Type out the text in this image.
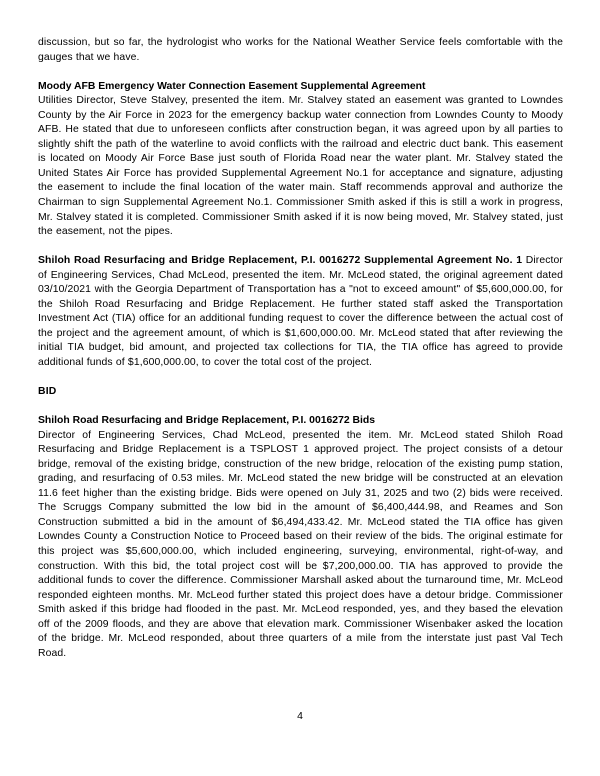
discussion, but so far, the hydrologist who works for the National Weather Service feels comfortable with the gauges that we have.

Moody AFB Emergency Water Connection Easement Supplemental Agreement

Utilities Director, Steve Stalvey, presented the item. Mr. Stalvey stated an easement was granted to Lowndes County by the Air Force in 2023 for the emergency backup water connection from Lowndes County to Moody AFB. He stated that due to unforeseen conflicts after construction began, it was agreed upon by all parties to slightly shift the path of the waterline to avoid conflicts with the railroad and electric duct bank. This easement is located on Moody Air Force Base just south of Florida Road near the water plant. Mr. Stalvey stated the United States Air Force has provided Supplemental Agreement No.1 for acceptance and signature, adjusting the easement to include the final location of the water main. Staff recommends approval and authorize the Chairman to sign Supplemental Agreement No.1. Commissioner Smith asked if this is still a work in progress, Mr. Stalvey stated it is completed. Commissioner Smith asked if it is now being moved, Mr. Stalvey stated, just the easement, not the pipes.

Shiloh Road Resurfacing and Bridge Replacement, P.I. 0016272 Supplemental Agreement No. 1 Director of Engineering Services, Chad McLeod, presented the item. Mr. McLeod stated, the original agreement dated 03/10/2021 with the Georgia Department of Transportation has a "not to exceed amount" of $5,600,000.00, for the Shiloh Road Resurfacing and Bridge Replacement. He further stated staff asked the Transportation Investment Act (TIA) office for an additional funding request to cover the difference between the actual cost of the project and the agreement amount, of which is $1,600,000.00. Mr. McLeod stated that after reviewing the initial TIA budget, bid amount, and projected tax collections for TIA, the TIA office has agreed to provide additional funds of $1,600,000.00, to cover the total cost of the project.

BID

Shiloh Road Resurfacing and Bridge Replacement, P.I. 0016272 Bids

Director of Engineering Services, Chad McLeod, presented the item. Mr. McLeod stated Shiloh Road Resurfacing and Bridge Replacement is a TSPLOST 1 approved project. The project consists of a detour bridge, removal of the existing bridge, construction of the new bridge, relocation of the existing pump station, grading, and resurfacing of 0.53 miles. Mr. McLeod stated the new bridge will be constructed at an elevation 11.6 feet higher than the existing bridge. Bids were opened on July 31, 2025 and two (2) bids were received. The Scruggs Company submitted the low bid in the amount of $6,400,444.98, and Reames and Son Construction submitted a bid in the amount of $6,494,433.42. Mr. McLeod stated the TIA office has given Lowndes County a Construction Notice to Proceed based on their review of the bids. The original estimate for this project was $5,600,000.00, which included engineering, surveying, environmental, right-of-way, and construction. With this bid, the total project cost will be $7,200,000.00. TIA has approved to provide the additional funds to cover the difference. Commissioner Marshall asked about the turnaround time, Mr. McLeod responded eighteen months. Mr. McLeod further stated this project does have a detour bridge. Commissioner Smith asked if this bridge had flooded in the past. Mr. McLeod responded, yes, and they based the elevation off of the 2009 floods, and they are above that elevation mark. Commissioner Wisenbaker asked the location of the bridge. Mr. McLeod responded, about three quarters of a mile from the interstate just past Val Tech Road.

4
